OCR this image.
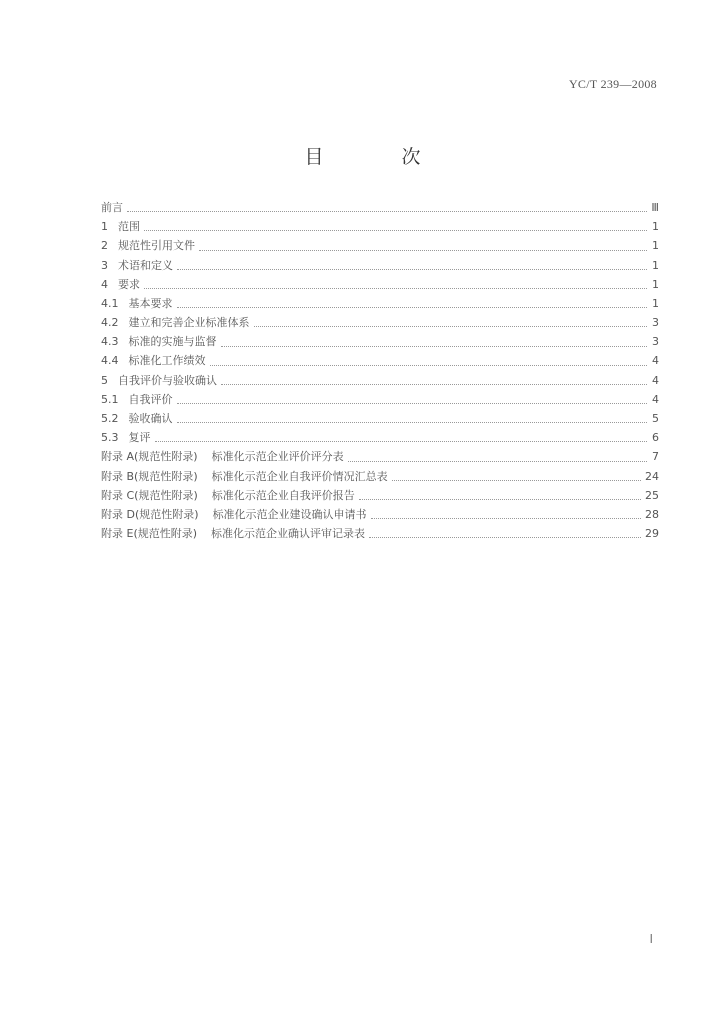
YC/T 239—2008
目 次
前言	Ⅲ
1 范围	1
2 规范性引用文件	1
3 术语和定义	1
4 要求	1
4.1 基本要求	1
4.2 建立和完善企业标准体系	3
4.3 标准的实施与监督	3
4.4 标准化工作绩效	4
5 自我评价与验收确认	4
5.1 自我评价	4
5.2 验收确认	5
5.3 复评	6
附录 A(规范性附录) 标准化示范企业评价评分表	7
附录 B(规范性附录) 标准化示范企业自我评价情况汇总表	24
附录 C(规范性附录) 标准化示范企业自我评价报告	25
附录 D(规范性附录) 标准化示范企业建设确认申请书	28
附录 E(规范性附录) 标准化示范企业确认评审记录表	29
Ⅰ
